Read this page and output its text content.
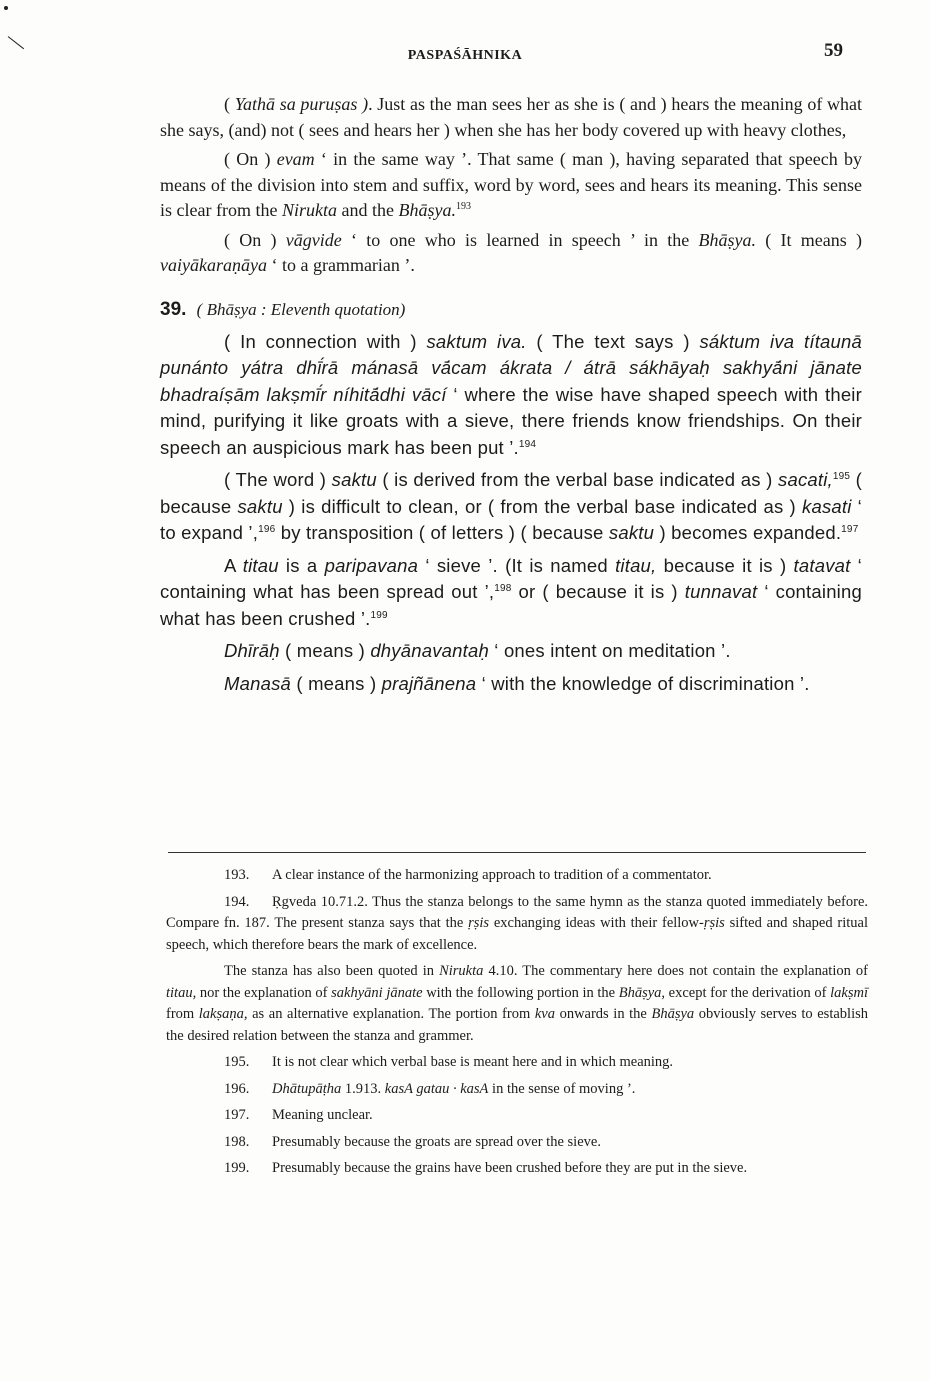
PASPAŚĀHNIKA	59

( Yathā sa puruṣas ). Just as the man sees her as she is ( and ) hears the meaning of what she says, (and) not ( sees and hears her ) when she has her body covered up with heavy clothes,

( On ) evam ‘ in the same way ’. That same ( man ), having separated that speech by means of the division into stem and suffix, word by word, sees and hears its meaning. This sense is clear from the Nirukta and the Bhāṣya.$^{193}$

( On ) vāgvide ‘ to one who is learned in speech ’ in the Bhāṣya. ( It means ) vaiyākaraṇāya ‘ to a grammarian ’.

39. ( Bhāṣya : Eleventh quotation)

( In connection with ) saktum iva. ( The text says ) sáktum iva títaunā punánto yátra dhī́rā mánasā vā́cam ákrata / átrā sákhāyaḥ sakhyā́ni jānate bhadraíṣām lakṣmī́r níhitā́dhi vācí ‘ where the wise have shaped speech with their mind, purifying it like groats with a sieve, there friends know friendships. On their speech an auspicious mark has been put ’.$^{194}$

( The word ) saktu ( is derived from the verbal base indicated as ) sacati,$^{195}$ ( because saktu ) is difficult to clean, or ( from the verbal base indicated as ) kasati ‘ to expand ’,$^{196}$ by transposition ( of letters ) ( because saktu ) becomes expanded.$^{197}$

A titau is a paripavana ‘ sieve ’. (It is named titau, because it is ) tatavat ‘ containing what has been spread out ’,$^{198}$ or ( because it is ) tunnavat ‘ containing what has been crushed ’.$^{199}$

Dhīrāḥ ( means ) dhyānavantaḥ ‘ ones intent on meditation ’.

Manasā ( means ) prajñānena ‘ with the knowledge of discrimination ’.

193. A clear instance of the harmonizing approach to tradition of a commentator.

194. Ṛgveda 10.71.2. Thus the stanza belongs to the same hymn as the stanza quoted immediately before. Compare fn. 187. The present stanza says that the ṛṣis exchanging ideas with their fellow-ṛṣis sifted and shaped ritual speech, which therefore bears the mark of excellence.

The stanza has also been quoted in Nirukta 4.10. The commentary here does not contain the explanation of titau, nor the explanation of sakhyāni jānate with the following portion in the Bhāṣya, except for the derivation of lakṣmī from lakṣaṇa, as an alternative explanation. The portion from kva onwards in the Bhāṣya obviously serves to establish the desired relation between the stanza and grammer.

195. It is not clear which verbal base is meant here and in which meaning.

196. Dhātupāṭha 1.913. kasA gatau · kasA in the sense of moving ’.

197. Meaning unclear.

198. Presumably because the groats are spread over the sieve.

199. Presumably because the grains have been crushed before they are put in the sieve.
